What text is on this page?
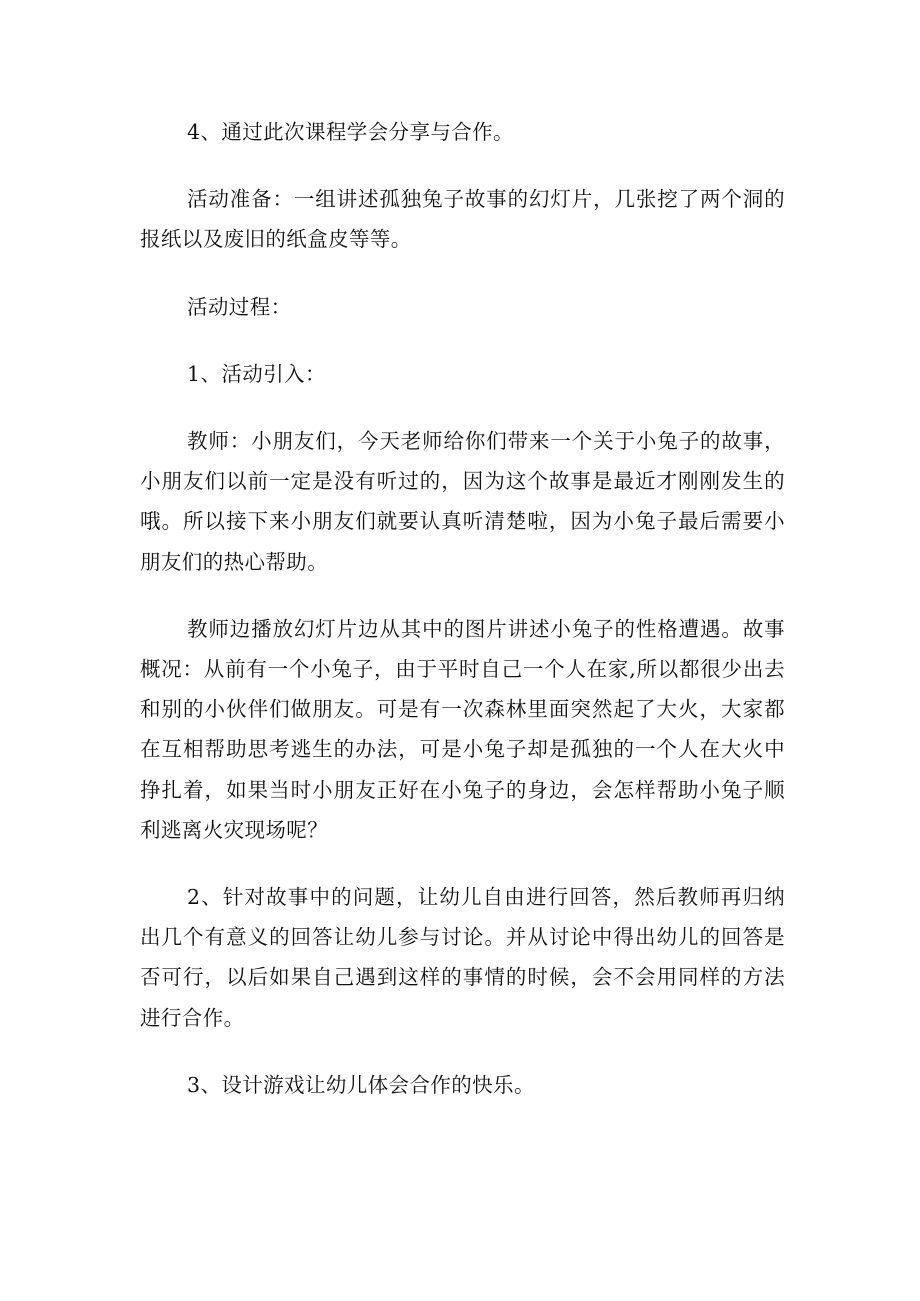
4、通过此次课程学会分享与合作。

活动准备：一组讲述孤独兔子故事的幻灯片，几张挖了两个洞的报纸以及废旧的纸盒皮等等。

活动过程：

1、活动引入：

教师：小朋友们，今天老师给你们带来一个关于小兔子的故事，小朋友们以前一定是没有听过的，因为这个故事是最近才刚刚发生的哦。所以接下来小朋友们就要认真听清楚啦，因为小兔子最后需要小朋友们的热心帮助。

教师边播放幻灯片边从其中的图片讲述小兔子的性格遭遇。故事概况：从前有一个小兔子，由于平时自己一个人在家,所以都很少出去和别的小伙伴们做朋友。可是有一次森林里面突然起了大火，大家都在互相帮助思考逃生的办法，可是小兔子却是孤独的一个人在大火中挣扎着，如果当时小朋友正好在小兔子的身边，会怎样帮助小兔子顺利逃离火灾现场呢？

2、针对故事中的问题，让幼儿自由进行回答，然后教师再归纳出几个有意义的回答让幼儿参与讨论。并从讨论中得出幼儿的回答是否可行，以后如果自己遇到这样的事情的时候，会不会用同样的方法进行合作。

3、设计游戏让幼儿体会合作的快乐。
